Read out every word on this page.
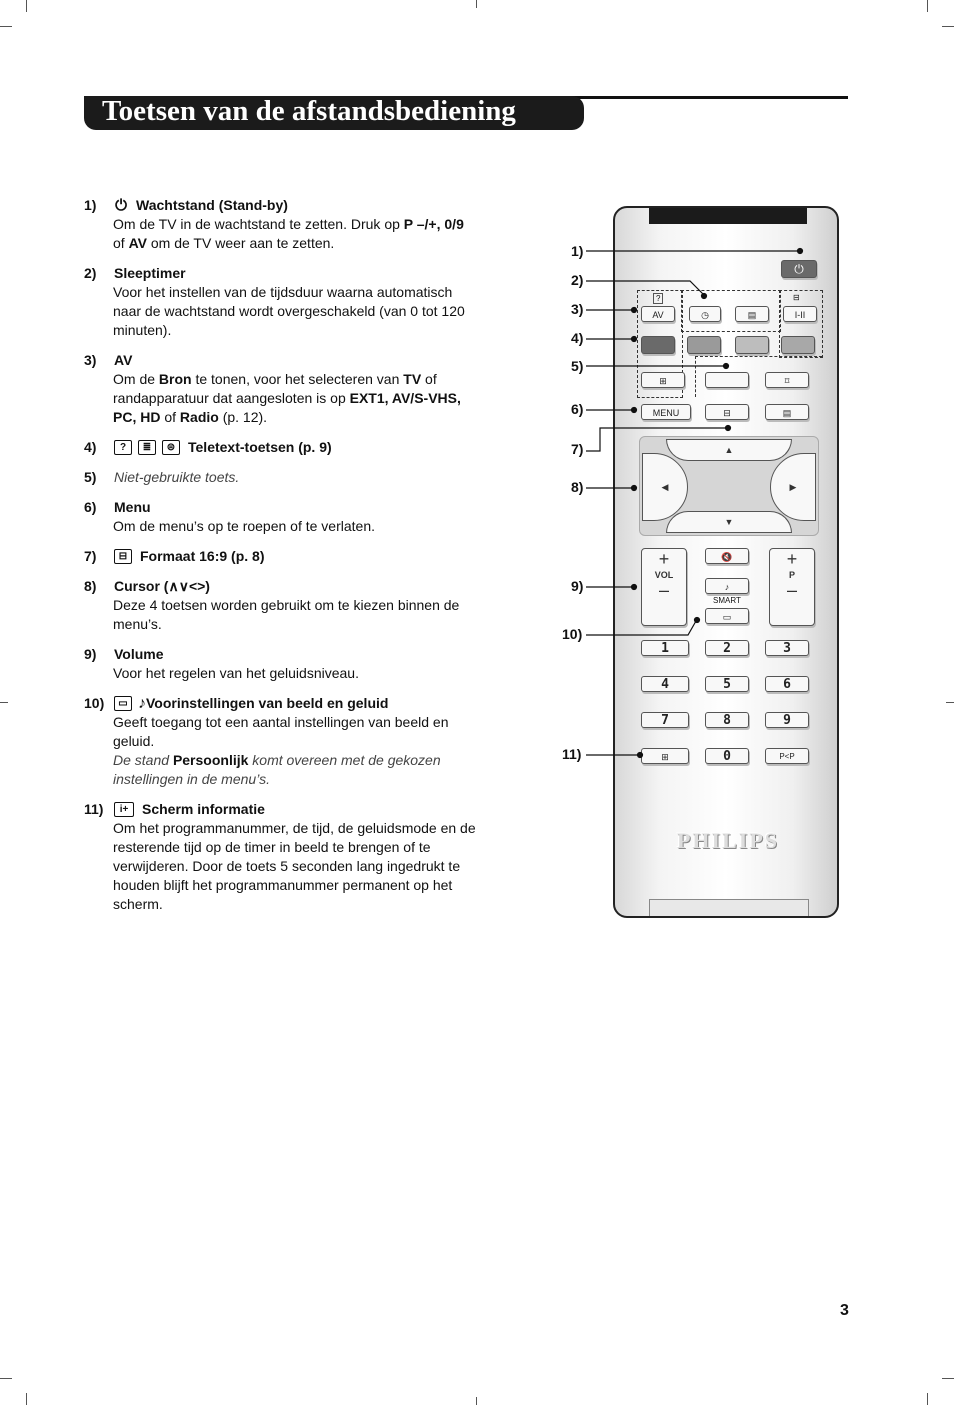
Toetsen van de afstandsbediening
1)	⏻ Wachtstand (Stand-by)
Om de TV in de wachtstand te zetten. Druk op P –/+, 0/9 of AV om de TV weer aan te zetten.
2)	Sleeptimer
Voor het instellen van de tijdsduur waarna automatisch naar de wachtstand wordt overgeschakeld (van 0 tot 120 minuten).
3)	AV
Om de Bron te tonen, voor het selecteren van TV of randapparatuur dat aangesloten is op EXT1, AV/S-VHS, PC, HD of Radio (p. 12).
4)	?	≣	⊜ Teletext-toetsen (p. 9)
5)	Niet-gebruikte toets.
6)	Menu
Om de menu’s op te roepen of te verlaten.
7)	⊟ Formaat 16:9 (p. 8)
8)	Cursor (∧∨<>)
Deze 4 toetsen worden gebruikt om te kiezen binnen de menu’s.
9)	Volume
Voor het regelen van het geluidsniveau.
10)	▭ ♪ Voorinstellingen van beeld en geluid
Geeft toegang tot een aantal instellingen van beeld en geluid.
De stand Persoonlijk komt overeen met de gekozen instellingen in de menu’s.
11)	i+ Scherm informatie
Om het programmanummer, de tijd, de geluidsmode en de resterende tijd op de timer in beeld te brengen of te verwijderen. Door de toets 5 seconden lang ingedrukt te houden blijft het programmanummer permanent op het scherm.
⏻
?
AV	◷	▤
⊟
I-II
⊞	⌑
MENU	⊟	▤
▲
▼
◀	▶
+
VOL
–
🔇
♪
SMART
▭
+
P
–
1	2	3
4	5	6
7	8	9
⊞	0	P<P
PHILIPS
1)
2)
3)
4)
5)
6)
7)
8)
9)
10)
11)
3
